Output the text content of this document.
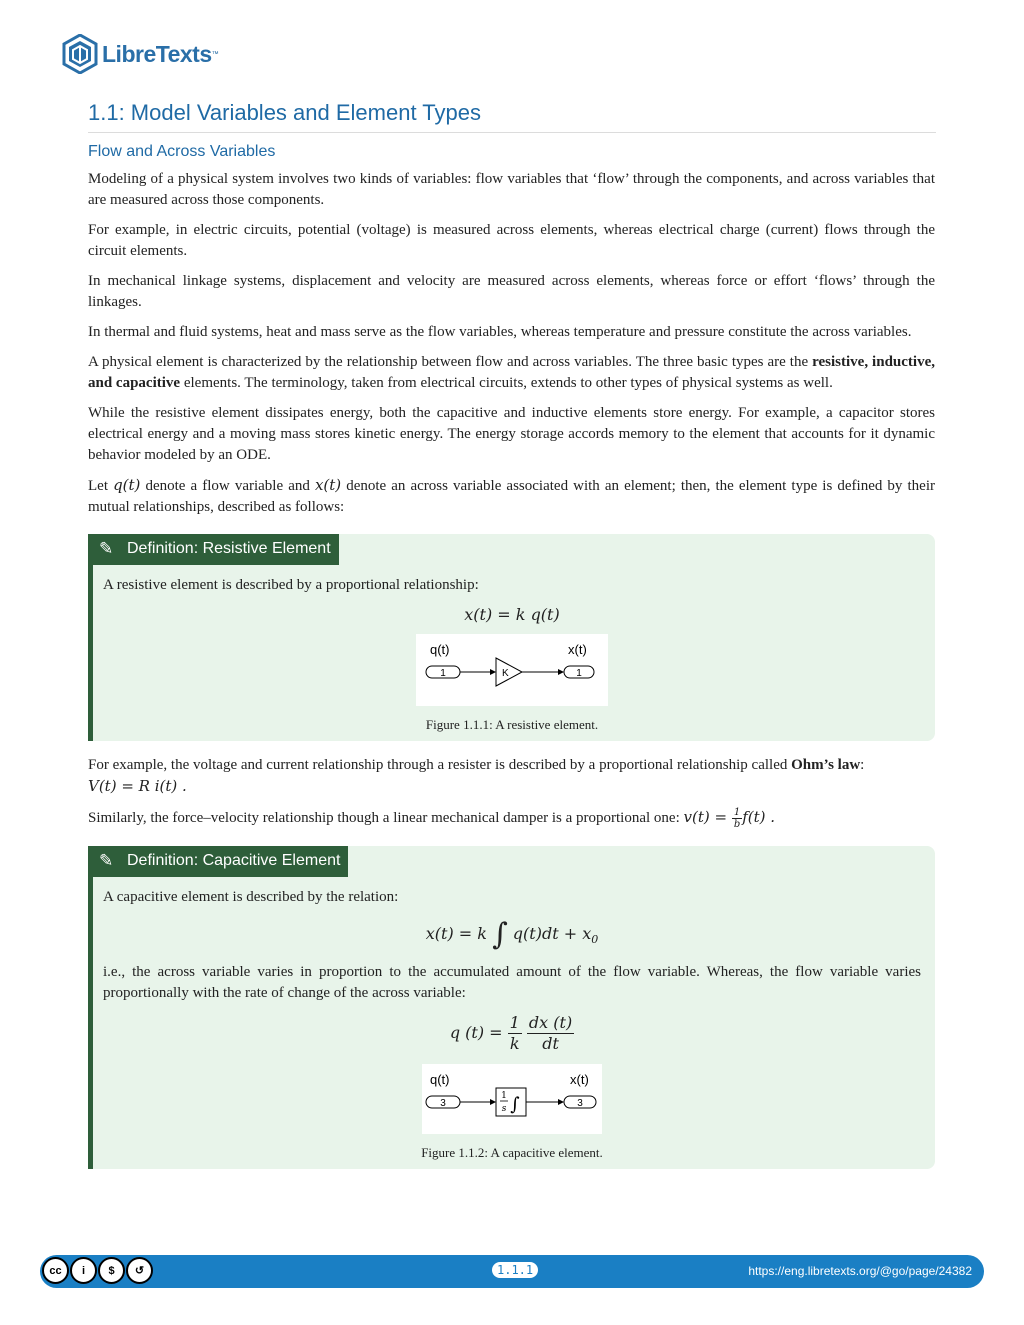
LibreTexts ™
1.1: Model Variables and Element Types
Flow and Across Variables

Modeling of a physical system involves two kinds of variables: flow variables that ‘flow’ through the components, and across variables that are measured across those components.

For example, in electric circuits, potential (voltage) is measured across elements, whereas electrical charge (current) flows through the circuit elements.

In mechanical linkage systems, displacement and velocity are measured across elements, whereas force or effort ‘flows’ through the linkages.

In thermal and fluid systems, heat and mass serve as the flow variables, whereas temperature and pressure constitute the across variables.

A physical element is characterized by the relationship between flow and across variables. The three basic types are the resistive, inductive, and capacitive elements. The terminology, taken from electrical circuits, extends to other types of physical systems as well.

While the resistive element dissipates energy, both the capacitive and inductive elements store energy. For example, a capacitor stores electrical energy and a moving mass stores kinetic energy. The energy storage accords memory to the element that accounts for it dynamic behavior modeled by an ODE.

Let q(t) denote a flow variable and x(t) denote an across variable associated with an element; then, the element type is defined by their mutual relationships, described as follows:

✎ Definition: Resistive Element

A resistive element is described by a proportional relationship:

x(t) = k q(t)
q(t)	x(t)
1	K	1
Figure 1.1.1: A resistive element.

For example, the voltage and current relationship through a resister is described by a proportional relationship called Ohm’s law:
V(t) = R i(t) .

Similarly, the force–velocity relationship though a linear mechanical damper is a proportional one: $v(t) = \frac{1}{b} f(t)$ .

✎ Definition: Capacitive Element

A capacitive element is described by the relation:

x(t) = k ∫ $q(t)dt + x_0$

i.e., the across variable varies in proportion to the accumulated amount of the flow variable. Whereas, the flow variable varies proportionally with the rate of change of the across variable:

q $(t) = \frac{1}{k}$
$\frac{dx (t)}{dt}$
q(t)	x(t)
3
1
s ∫	3
Figure 1.1.2: A capacitive element.
cc	i	$	↺	1.1.1	https://eng.libretexts.org/@go/page/24382
